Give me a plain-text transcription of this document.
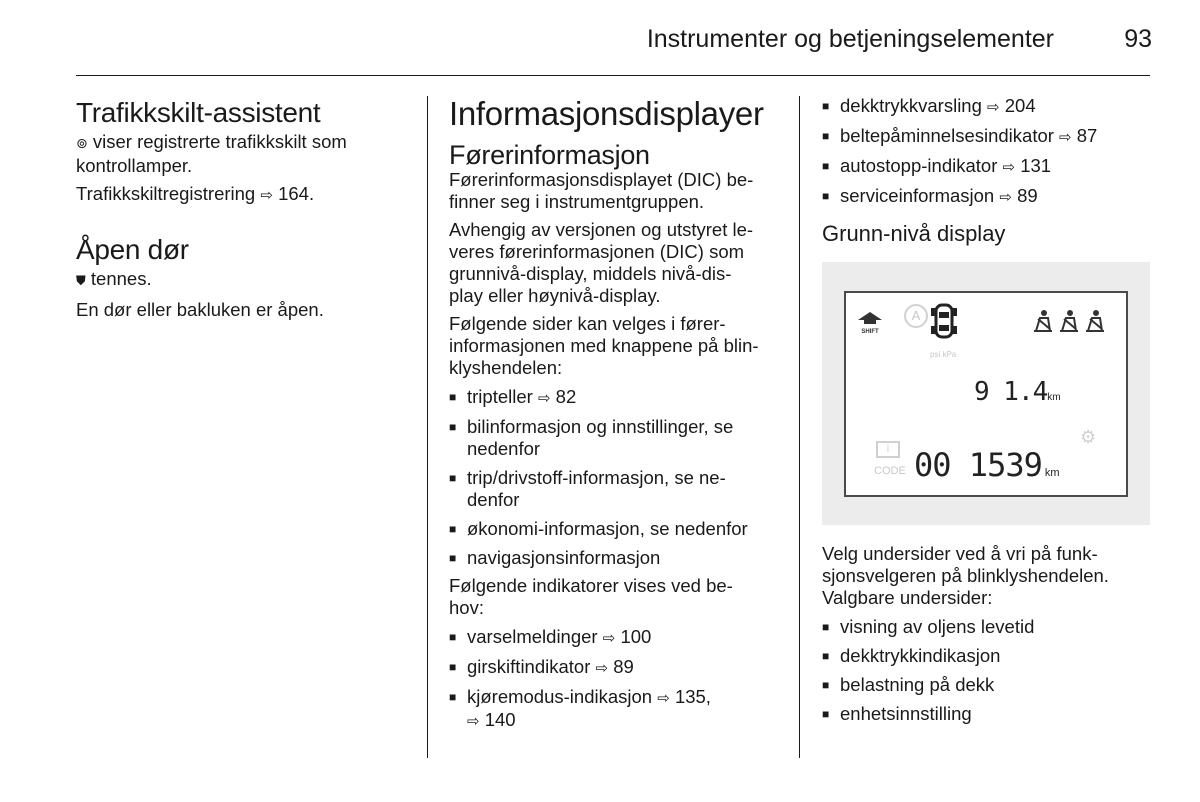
Instrumenter og betjeningselementer	93
Trafikkskilt-assistent

⊚ viser registrerte trafikkskilt som kontrollamper.

Trafikkskiltregistrering ⇨ 164.

Åpen dør

⛊ tennes.

En dør eller bakluken er åpen.

Informasjonsdisplayer
Førerinformasjon

Førerinformasjonsdisplayet (DIC) be-
finner seg i instrumentgruppen.

Avhengig av versjonen og utstyret le-
veres førerinformasjonen (DIC) som
grunnivå-display, middels nivå-dis-
play eller høynivå-display.

Følgende sider kan velges i fører-
informasjonen med knappene på blin-
klyshendelen:

■ tripteller ⇨ 82
■ bilinformasjon og innstillinger, se
nedenfor
■ trip/drivstoff-informasjon, se ne-
denfor
■ økonomi-informasjon, se nedenfor
■ navigasjonsinformasjon

Følgende indikatorer vises ved be-
hov:

■ varselmeldinger ⇨ 100
■ girskiftindikator ⇨ 89
■ kjøremodus-indikasjon ⇨ 135,
⇨ 140
■ dekktrykkvarsling ⇨ 204
■ beltepåminnelsesindikator ⇨ 87
■ autostopp-indikator ⇨ 131
■ serviceinformasjon ⇨ 89
Grunn-nivå display
SHIFT
A
psi kPa
9 1.4km
⚙
i
CODE 00 1539 km

Velg undersider ved å vri på funk-
sjonsvelgeren på blinklyshendelen.
Valgbare undersider:

■ visning av oljens levetid
■ dekktrykkindikasjon
■ belastning på dekk
■ enhetsinnstilling
